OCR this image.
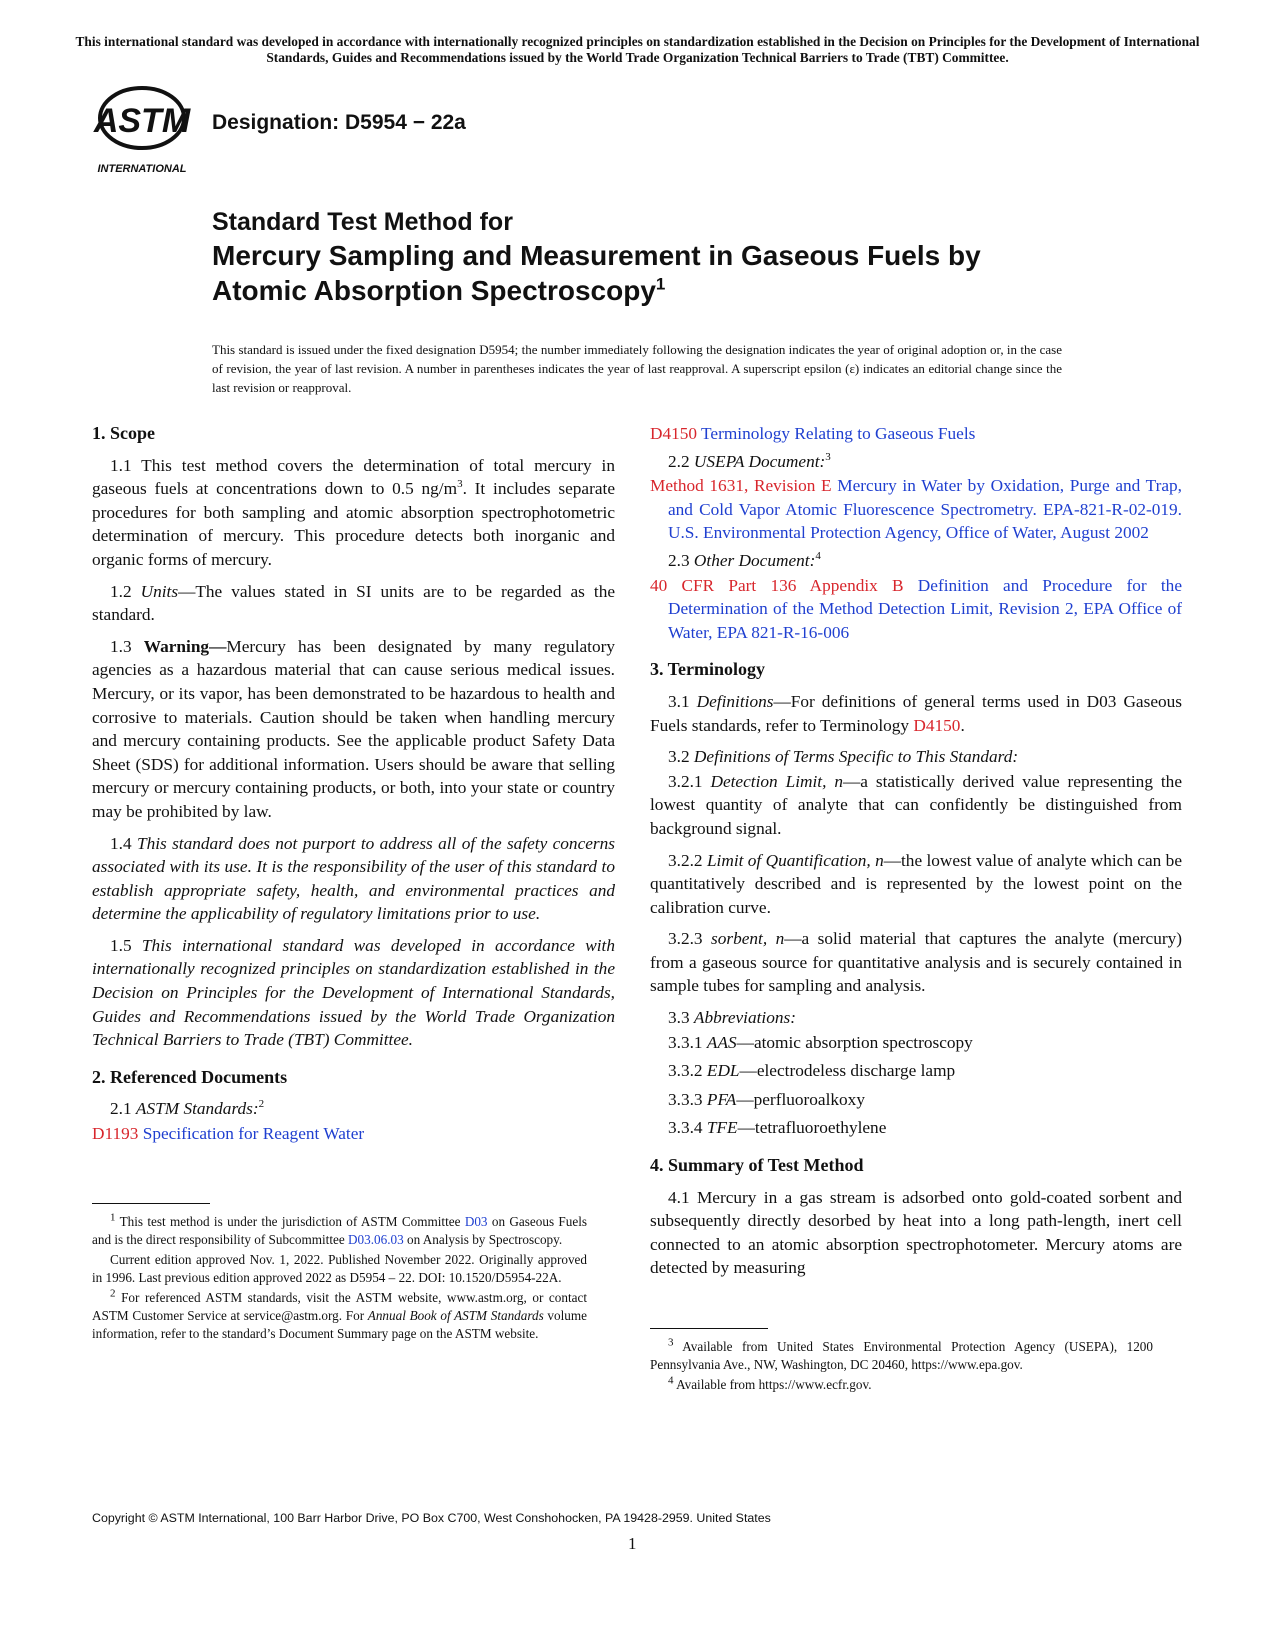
This international standard was developed in accordance with internationally recognized principles on standardization established in the Decision on Principles for the Development of International Standards, Guides and Recommendations issued by the World Trade Organization Technical Barriers to Trade (TBT) Committee.
ASTM
INTERNATIONAL
Designation: D5954 − 22a
Standard Test Method for
Mercury Sampling and Measurement in Gaseous Fuels by
Atomic Absorption Spectroscopy$^1$
This standard is issued under the fixed designation D5954; the number immediately following the designation indicates the year of original adoption or, in the case of revision, the year of last revision. A number in parentheses indicates the year of last reapproval. A superscript epsilon (ε) indicates an editorial change since the last revision or reapproval.
1. Scope

1.1 This test method covers the determination of total mercury in gaseous fuels at concentrations down to 0.5 $ng/m^3$. It includes separate procedures for both sampling and atomic absorption spectrophotometric determination of mercury. This procedure detects both inorganic and organic forms of mercury.

1.2 Units—The values stated in SI units are to be regarded as the standard.

1.3 Warning—Mercury has been designated by many regulatory agencies as a hazardous material that can cause serious medical issues. Mercury, or its vapor, has been demonstrated to be hazardous to health and corrosive to materials. Caution should be taken when handling mercury and mercury containing products. See the applicable product Safety Data Sheet (SDS) for additional information. Users should be aware that selling mercury or mercury containing products, or both, into your state or country may be prohibited by law.

1.4 This standard does not purport to address all of the safety concerns associated with its use. It is the responsibility of the user of this standard to establish appropriate safety, health, and environmental practices and determine the applicability of regulatory limitations prior to use.

1.5 This international standard was developed in accordance with internationally recognized principles on standardization established in the Decision on Principles for the Development of International Standards, Guides and Recommendations issued by the World Trade Organization Technical Barriers to Trade (TBT) Committee.

2. Referenced Documents

2.1 ASTM Standards:$^2$

D1193 Specification for Reagent Water

$^1$ This test method is under the jurisdiction of ASTM Committee D03 on Gaseous Fuels and is the direct responsibility of Subcommittee D03.06.03 on Analysis by Spectroscopy.

Current edition approved Nov. 1, 2022. Published November 2022. Originally approved in 1996. Last previous edition approved 2022 as D5954 – 22. DOI: 10.1520/D5954-22A.

$^2$ For referenced ASTM standards, visit the ASTM website, www.astm.org, or contact ASTM Customer Service at service@astm.org. For Annual Book of ASTM Standards volume information, refer to the standard’s Document Summary page on the ASTM website.

D4150 Terminology Relating to Gaseous Fuels

2.2 USEPA Document:$^3$

Method 1631, Revision E Mercury in Water by Oxidation, Purge and Trap, and Cold Vapor Atomic Fluorescence Spectrometry. EPA-821-R-02-019. U.S. Environmental Protection Agency, Office of Water, August 2002

2.3 Other Document:$^4$

40 CFR Part 136 Appendix B Definition and Procedure for the Determination of the Method Detection Limit, Revision 2, EPA Office of Water, EPA 821-R-16-006
3. Terminology

3.1 Definitions—For definitions of general terms used in D03 Gaseous Fuels standards, refer to Terminology D4150.

3.2 Definitions of Terms Specific to This Standard:

3.2.1 Detection Limit, n—a statistically derived value representing the lowest quantity of analyte that can confidently be distinguished from background signal.

3.2.2 Limit of Quantification, n—the lowest value of analyte which can be quantitatively described and is represented by the lowest point on the calibration curve.

3.2.3 sorbent, n—a solid material that captures the analyte (mercury) from a gaseous source for quantitative analysis and is securely contained in sample tubes for sampling and analysis.

3.3 Abbreviations:

3.3.1 AAS—atomic absorption spectroscopy

3.3.2 EDL—electrodeless discharge lamp

3.3.3 PFA—perfluoroalkoxy

3.3.4 TFE—tetrafluoroethylene

4. Summary of Test Method

4.1 Mercury in a gas stream is adsorbed onto gold-coated sorbent and subsequently directly desorbed by heat into a long path-length, inert cell connected to an atomic absorption spectrophotometer. Mercury atoms are detected by measuring

$^3$ Available from United States Environmental Protection Agency (USEPA), 1200 Pennsylvania Ave., NW, Washington, DC 20460, https://www.epa.gov.

$^4$ Available from https://www.ecfr.gov.

Copyright © ASTM International, 100 Barr Harbor Drive, PO Box C700, West Conshohocken, PA 19428-2959. United States
1
